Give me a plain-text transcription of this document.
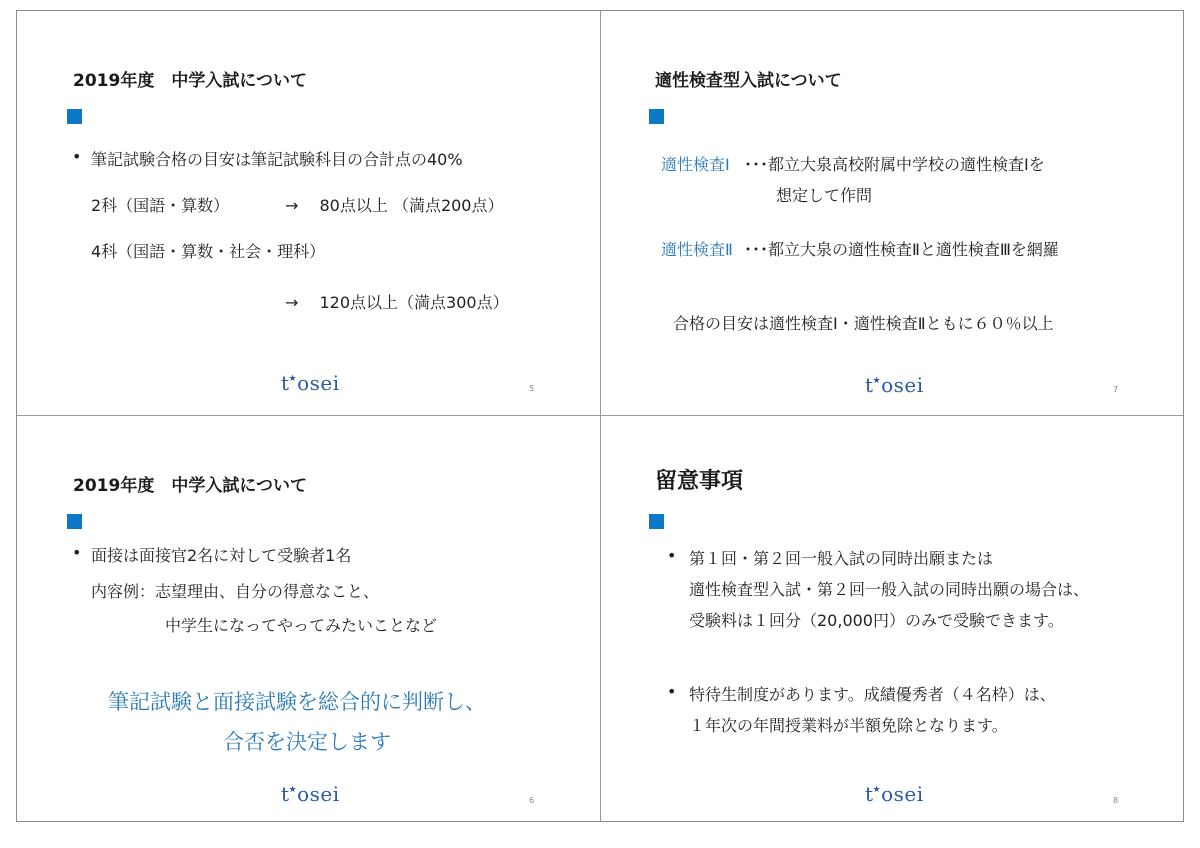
2019年度　中学入試について
• 筆記試験合格の目安は筆記試験科目の合計点の40%
2科（国語・算数）	→　 80点以上 （満点200点）
4科（国語・算数・社会・理科）
→　 120点以上（満点300点）
t★osei	5
適性検査型入試について
適性検査Ⅰ ･･･都立大泉高校附属中学校の適性検査Ⅰを
想定して作問
適性検査Ⅱ ･･･都立大泉の適性検査Ⅱと適性検査Ⅲを網羅
合格の目安は適性検査Ⅰ・適性検査Ⅱともに６０％以上
t★osei	7
2019年度　中学入試について
• 面接は面接官2名に対して受験者1名
内容例：志望理由、自分の得意なこと、
中学生になってやってみたいことなど
筆記試験と面接試験を総合的に判断し、
合否を決定します
t★osei	6
留意事項
• 第１回・第２回一般入試の同時出願または
適性検査型入試・第２回一般入試の同時出願の場合は、
受験料は１回分（20,000円）のみで受験できます。
• 特待生制度があります。成績優秀者（４名枠）は、
１年次の年間授業料が半額免除となります。
t★osei	8
